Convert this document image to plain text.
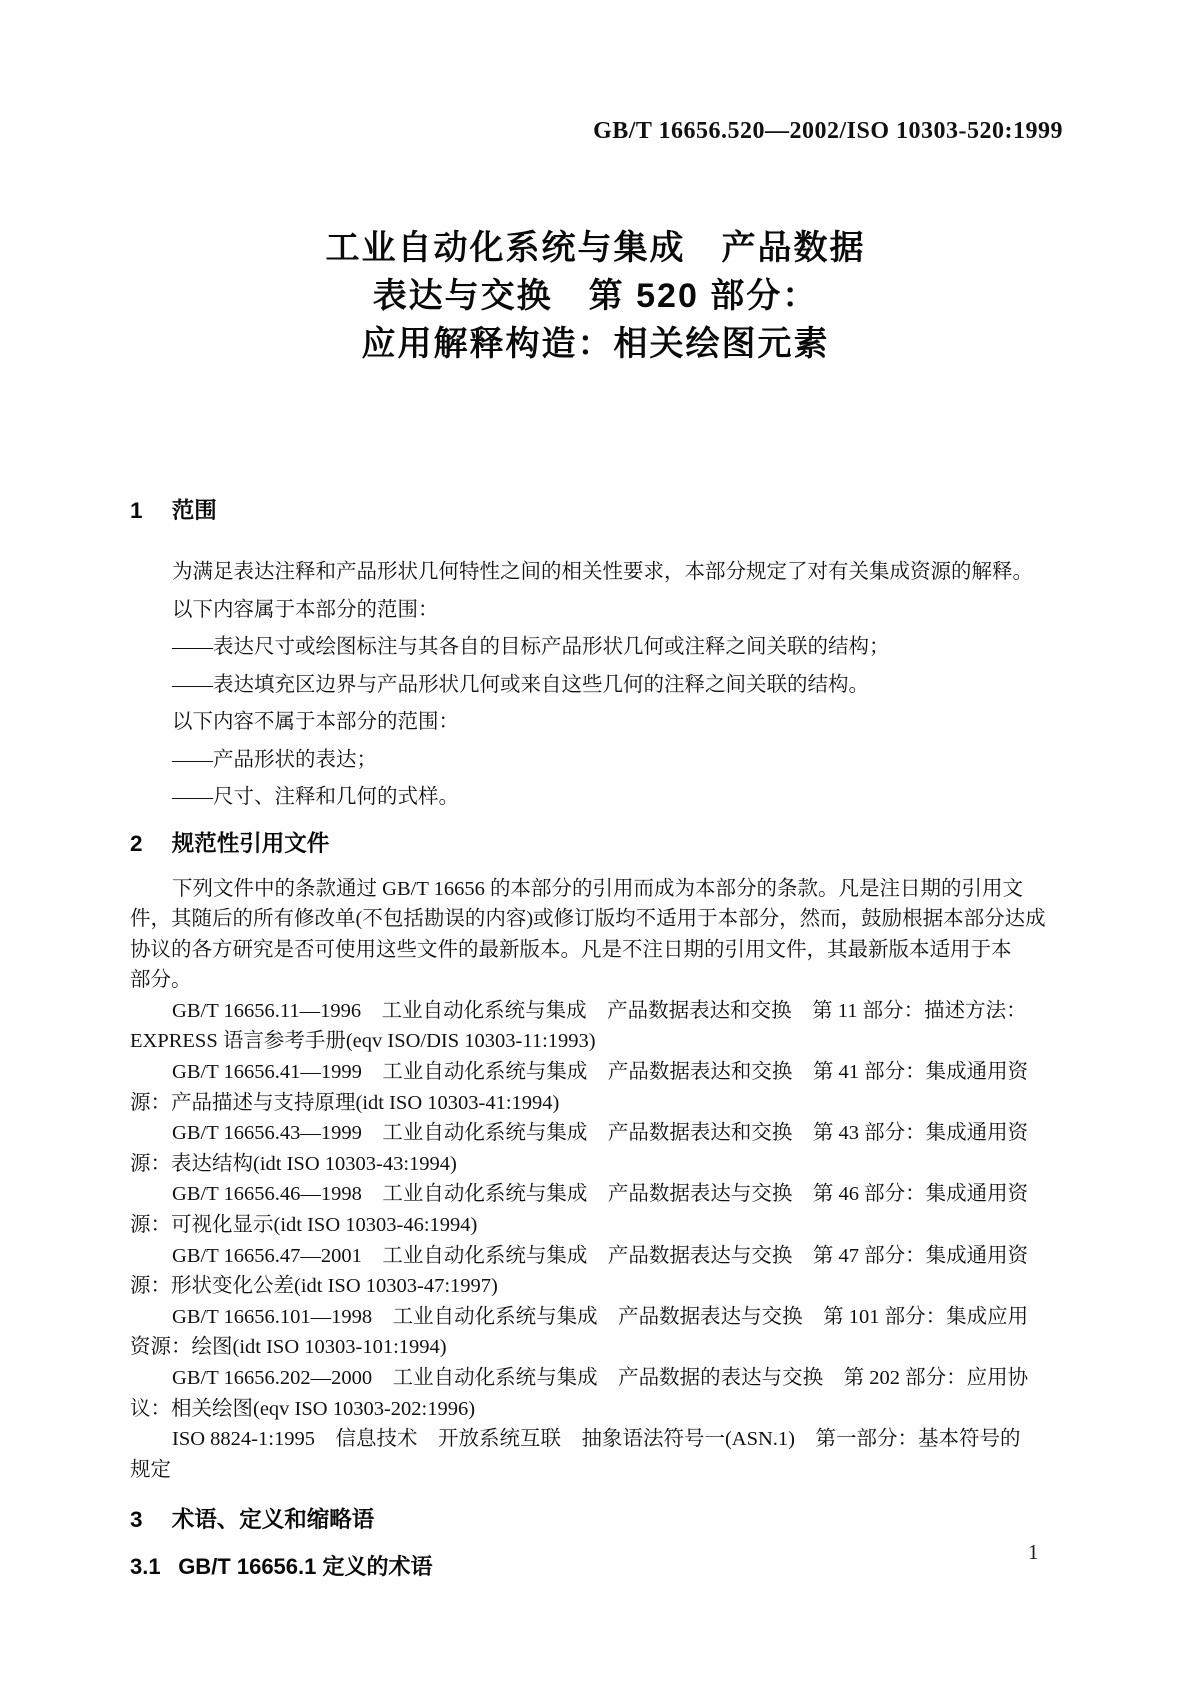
GB/T 16656.520—2002/ISO 10303-520:1999
工业自动化系统与集成　产品数据
表达与交换　第 520 部分：
应用解释构造：相关绘图元素
1 范围
为满足表达注释和产品形状几何特性之间的相关性要求，本部分规定了对有关集成资源的解释。
以下内容属于本部分的范围：
——表达尺寸或绘图标注与其各自的目标产品形状几何或注释之间关联的结构；
——表达填充区边界与产品形状几何或来自这些几何的注释之间关联的结构。
以下内容不属于本部分的范围：
——产品形状的表达；
——尺寸、注释和几何的式样。
2 规范性引用文件
下列文件中的条款通过 GB/T 16656 的本部分的引用而成为本部分的条款。凡是注日期的引用文
件，其随后的所有修改单(不包括勘误的内容)或修订版均不适用于本部分，然而，鼓励根据本部分达成
协议的各方研究是否可使用这些文件的最新版本。凡是不注日期的引用文件，其最新版本适用于本
部分。
GB/T 16656.11—1996　工业自动化系统与集成　产品数据表达和交换　第 11 部分：描述方法：
EXPRESS 语言参考手册(eqv ISO/DIS 10303-11:1993)
GB/T 16656.41—1999　工业自动化系统与集成　产品数据表达和交换　第 41 部分：集成通用资
源：产品描述与支持原理(idt ISO 10303-41:1994)
GB/T 16656.43—1999　工业自动化系统与集成　产品数据表达和交换　第 43 部分：集成通用资
源：表达结构(idt ISO 10303-43:1994)
GB/T 16656.46—1998　工业自动化系统与集成　产品数据表达与交换　第 46 部分：集成通用资
源：可视化显示(idt ISO 10303-46:1994)
GB/T 16656.47—2001　工业自动化系统与集成　产品数据表达与交换　第 47 部分：集成通用资
源：形状变化公差(idt ISO 10303-47:1997)
GB/T 16656.101—1998　工业自动化系统与集成　产品数据表达与交换　第 101 部分：集成应用
资源：绘图(idt ISO 10303-101:1994)
GB/T 16656.202—2000　工业自动化系统与集成　产品数据的表达与交换　第 202 部分：应用协
议：相关绘图(eqv ISO 10303-202:1996)
ISO 8824-1:1995　信息技术　开放系统互联　抽象语法符号一(ASN.1)　第一部分：基本符号的
规定
3 术语、定义和缩略语
3.1 GB/T 16656.1 定义的术语
1
